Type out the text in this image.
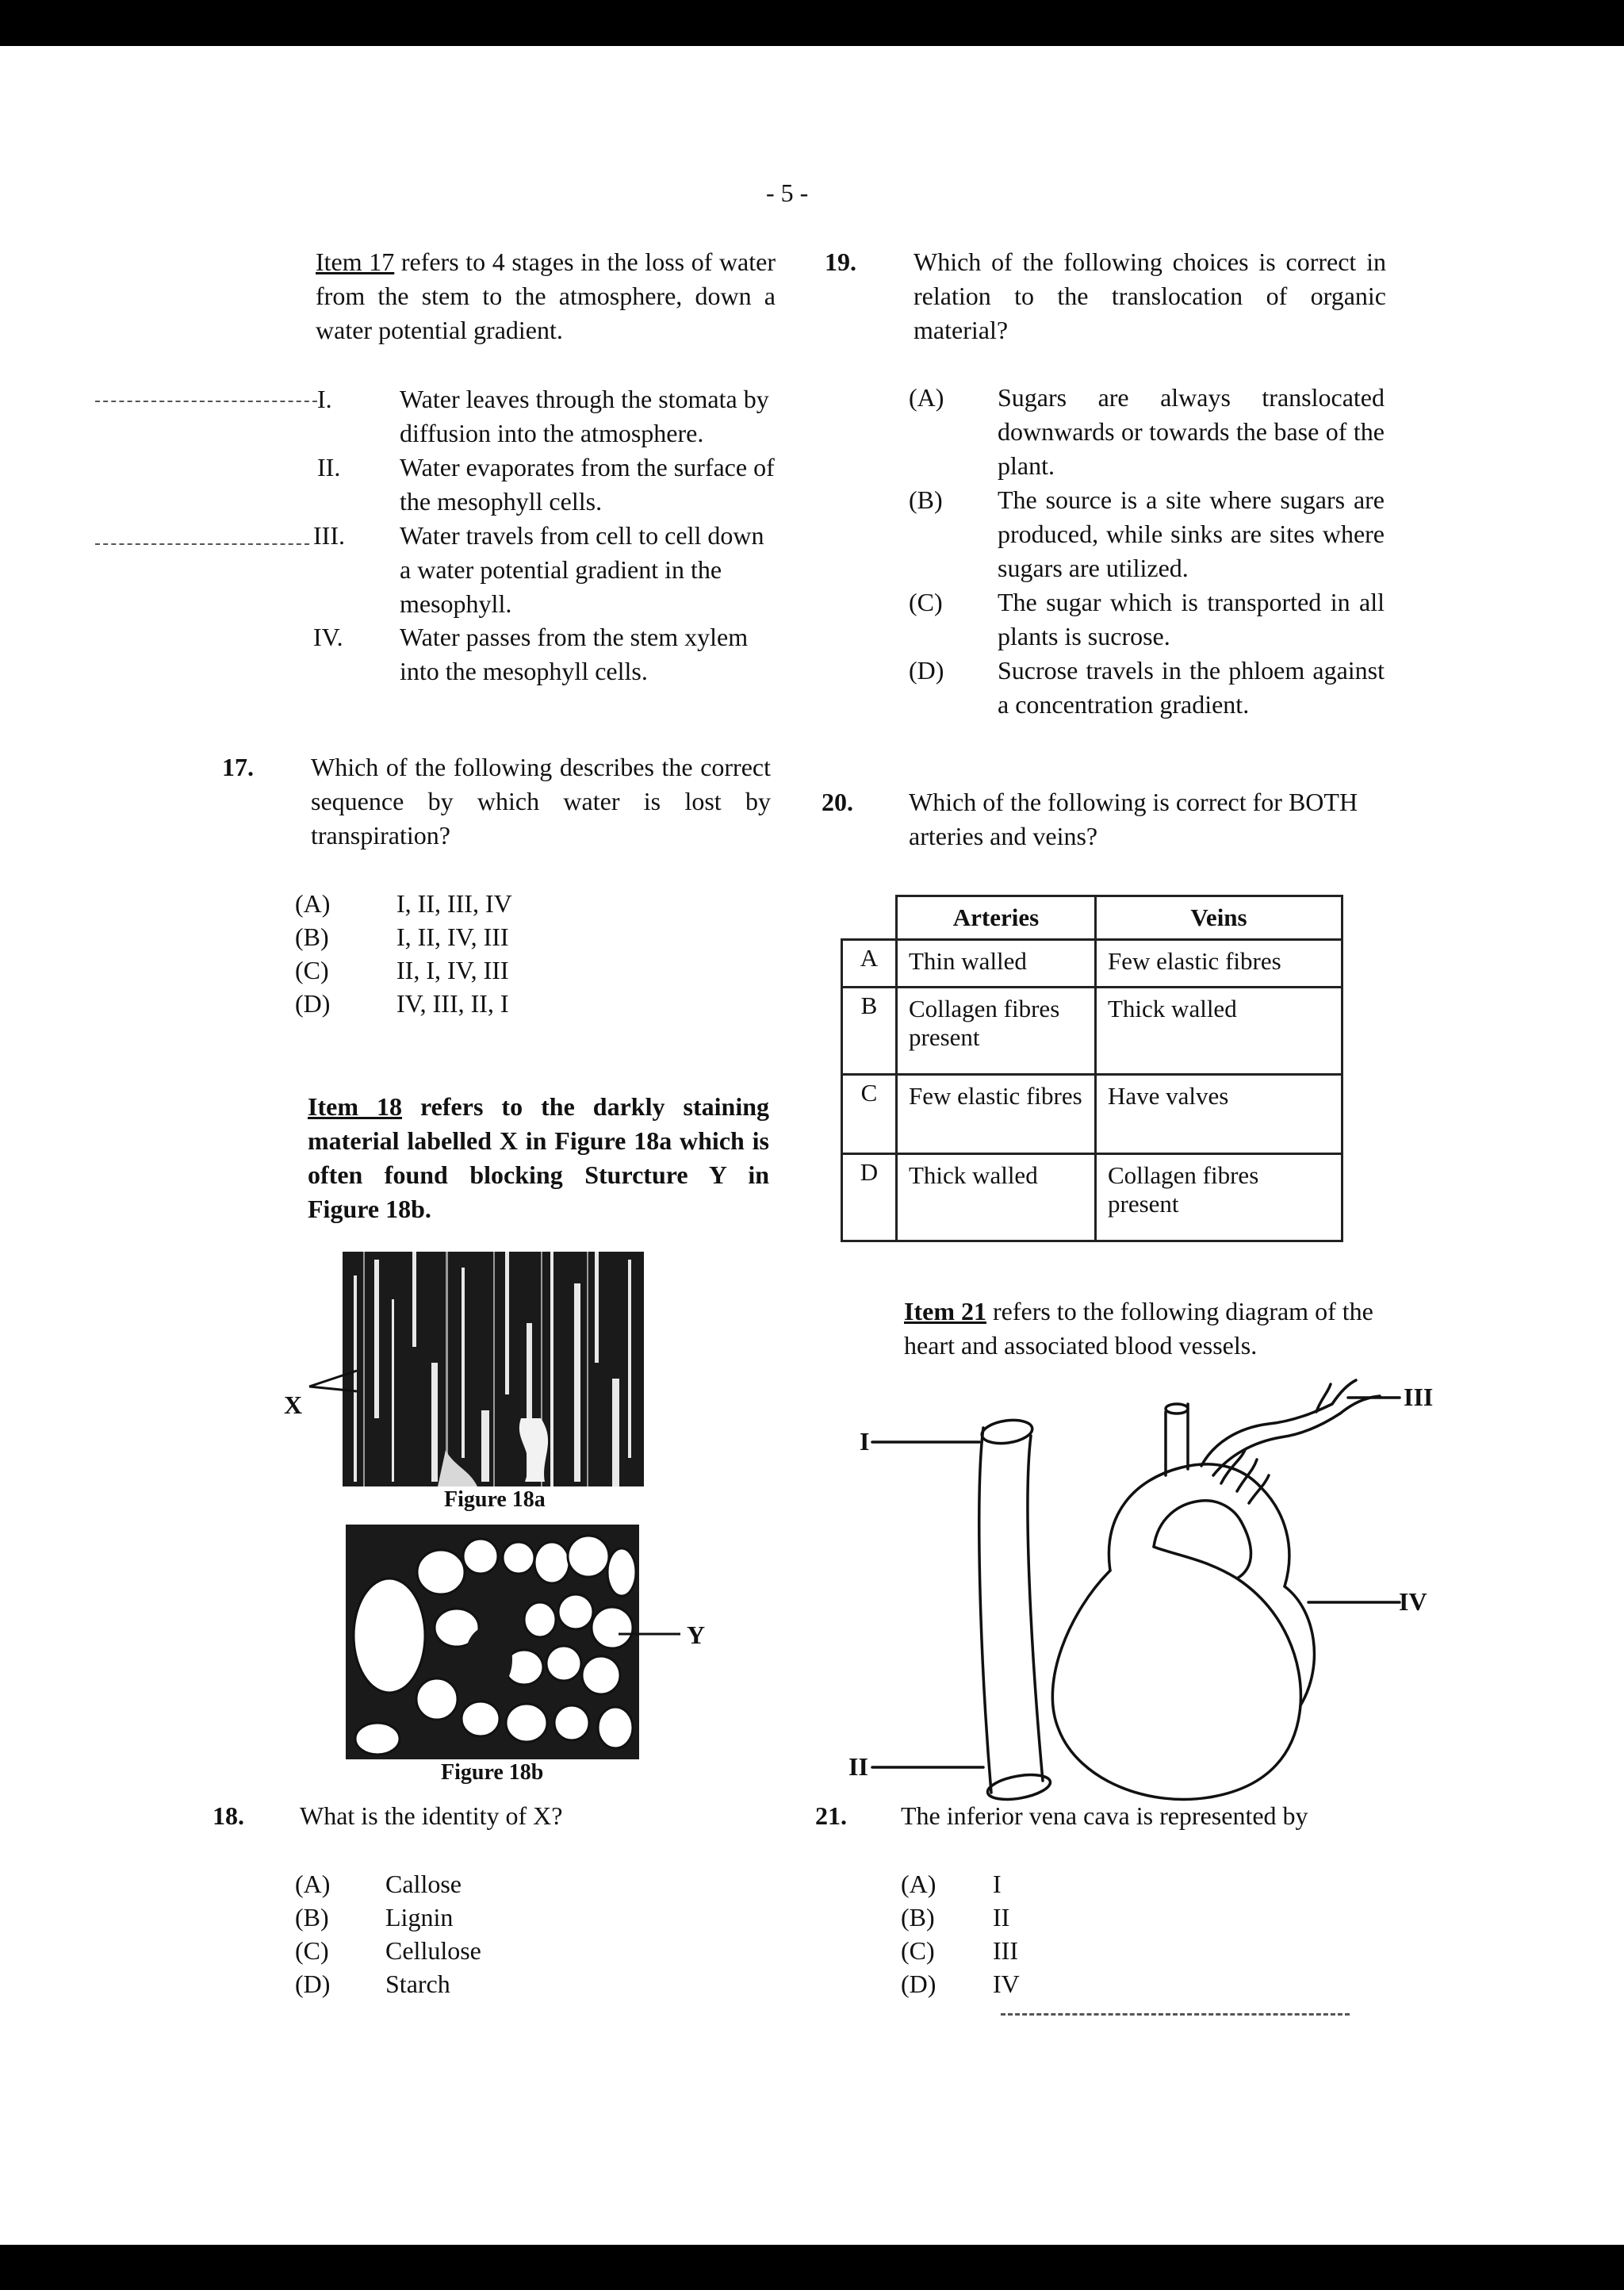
- 5 -
Item 17 refers to 4 stages in the loss of water from the stem to the atmosphere, down a water potential gradient.
I.	Water leaves through the stomata by diffusion into the atmosphere.
II. Water evaporates from the surface of the mesophyll cells.
III. Water travels from cell to cell down a water potential gradient in the mesophyll.
IV. Water passes from the stem xylem into the mesophyll cells.
17. Which of the following describes the correct sequence by which water is lost by transpiration?
(A)	I, II, III, IV
(B)	I, II, IV, III
(C)	II, I, IV, III
(D)	IV, III, II, I
Item 18 refers to the darkly staining material labelled X in Figure 18a which is often found blocking Sturcture Y in Figure 18b.
X
Figure 18a
Y
Figure 18b
18. What is the identity of X?
(A) Callose
(B) Lignin
(C) Cellulose
(D) Starch
19. Which of the following choices is correct in relation to the translocation of organic material?
(A) Sugars are always translocated downwards or towards the base of the plant.
(B) The source is a site where sugars are produced, while sinks are sites where sugars are utilized.
(C) The sugar which is transported in all plants is sucrose.
(D) Sucrose travels in the phloem against a concentration gradient.
20. Which of the following is correct for BOTH arteries and veins?
	Arteries	Veins
A	Thin walled	Few elastic fibres
B	Collagen fibres present	Thick walled
C	Few elastic fibres	Have valves
D	Thick walled	Collagen fibres present
Item 21 refers to the following diagram of the heart and associated blood vessels.
I
II
III
IV
21. The inferior vena cava is represented by
(A) I
(B) II
(C) III
(D) IV
